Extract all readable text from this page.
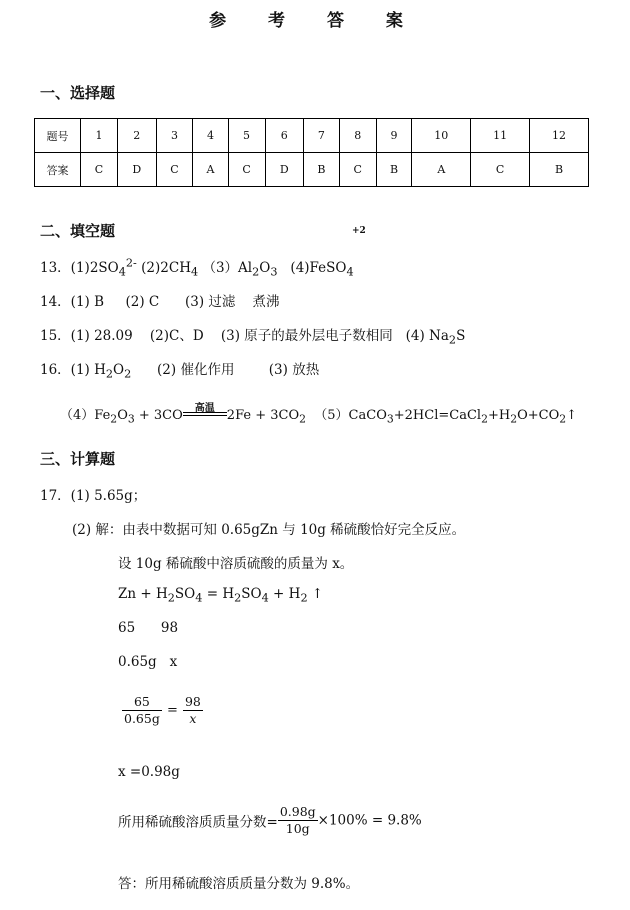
参 考 答 案
一、选择题
题号	1	2	3	4	5	6	7	8	9	10	11	12
答案	C	D	C	A	C	D	B	C	B	A	C	B
二、填空题	+2
13．$(1)2SO_4^{2-}$ $(2)2CH_4$ $(3)Al_2O_3$ (4)FeSO$_4$
14．(1) B     (2) C      (3) 过滤    煮沸
15．(1) 28.09    (2)C、D    (3) 原子的最外层电子数相同   (4) $Na_2S$
16．(1) $H_2O_2$      (2) 催化作用        (3) 放热
$(4)Fe_2O_3 + 3CO$	高温 $2Fe + 3CO_2$ $(5)CaCO_3+2HCl=CaCl_2+H_2O+CO_2↑$
三、计算题
17．(1) 5.65g；
(2) 解：由表中数据可知 0.65gZn 与 10g 稀硫酸恰好完全反应。
设 10g 稀硫酸中溶质硫酸的质量为 x。
$Zn + H_2SO_4 = H_2SO_4 + H_2$ ↑
65      98
0.65g   x
$\frac{65}{0.65g} = \frac{98}{x}$
x =0.98g
所用稀硫酸溶质质量分数= $\frac{0.98g}{10g} \times 100\% = 9.8\%$
答：所用稀硫酸溶质质量分数为 9.8%。
